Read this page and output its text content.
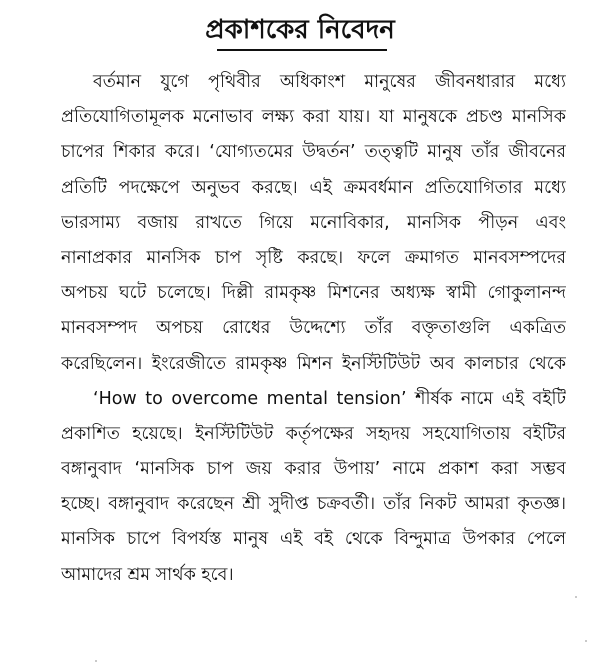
প্রকাশকের নিবেদন
বর্তমান যুগে পৃথিবীর অধিকাংশ মানুষের জীবনধারার মধ্যে
প্রতিযোগিতামূলক মনোভাব লক্ষ্য করা যায়। যা মানুষকে প্রচণ্ড মানসিক
চাপের শিকার করে। ‘যোগ্যতমের উদ্বর্তন’ তত্ত্বটি মানুষ তাঁর জীবনের
প্রতিটি পদক্ষেপে অনুভব করছে। এই ক্রমবর্ধমান প্রতিযোগিতার মধ্যে
ভারসাম্য বজায় রাখতে গিয়ে মনোবিকার, মানসিক পীড়ন এবং
নানাপ্রকার মানসিক চাপ সৃষ্টি করছে। ফলে ক্রমাগত মানবসম্পদের
অপচয় ঘটে চলেছে। দিল্লী রামকৃষ্ণ মিশনের অধ্যক্ষ স্বামী গোকুলানন্দ
মানবসম্পদ অপচয় রোধের উদ্দেশ্যে তাঁর বক্তৃতাগুলি একত্রিত
করেছিলেন। ইংরেজীতে রামকৃষ্ণ মিশন ইনস্টিটিউট অব কালচার থেকে
‘How to overcome mental tension’ শীর্ষক নামে এই বইটি
প্রকাশিত হয়েছে। ইনস্টিটিউট কর্তৃপক্ষের সহৃদয় সহযোগিতায় বইটির
বঙ্গানুবাদ ‘মানসিক চাপ জয় করার উপায়’ নামে প্রকাশ করা সম্ভব
হচ্ছে। বঙ্গানুবাদ করেছেন শ্রী সুদীপ্ত চক্রবর্তী। তাঁর নিকট আমরা কৃতজ্ঞ।
মানসিক চাপে বিপর্যস্ত মানুষ এই বই থেকে বিন্দুমাত্র উপকার পেলে
আমাদের শ্রম সার্থক হবে।
